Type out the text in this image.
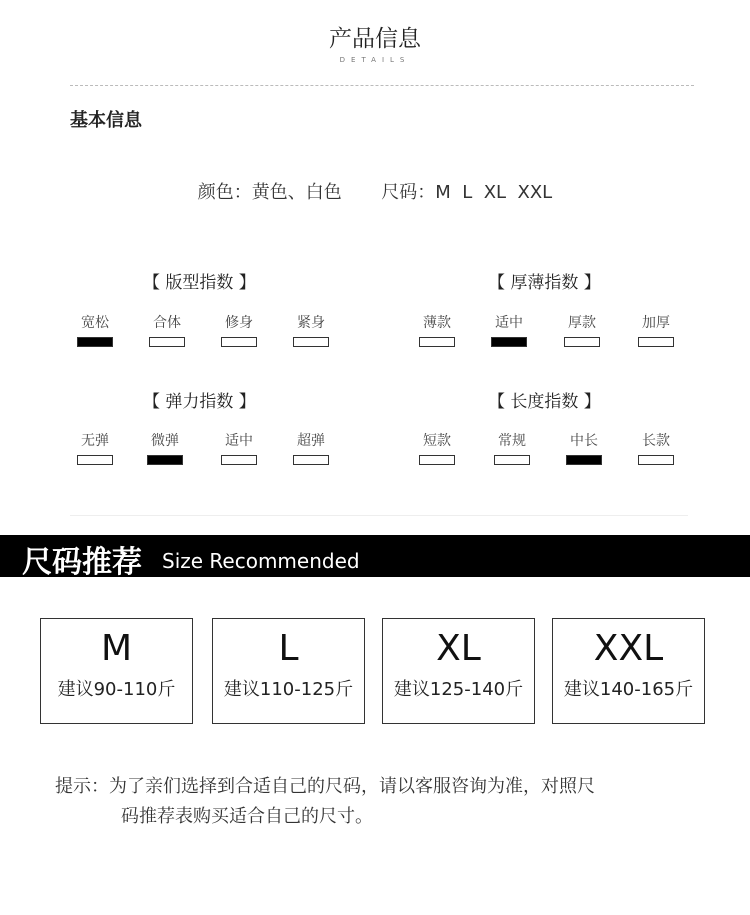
产品信息
DETAILS
基本信息
颜色：黄色、白色 尺码：M  L  XL  XXL
【 版型指数 】
宽松	合体	修身	紧身
【 厚薄指数 】
薄款	适中	厚款	加厚
【 弹力指数 】
无弹	微弹	适中	超弹
【 长度指数 】
短款	常规	中长	长款
尺码推荐 Size Recommended
M
建议90-110斤
L
建议110-125斤
XL
建议125-140斤
XXL
建议140-165斤
提示：为了亲们选择到合适自己的尺码，请以客服咨询为准，对照尺
码推荐表购买适合自己的尺寸。
